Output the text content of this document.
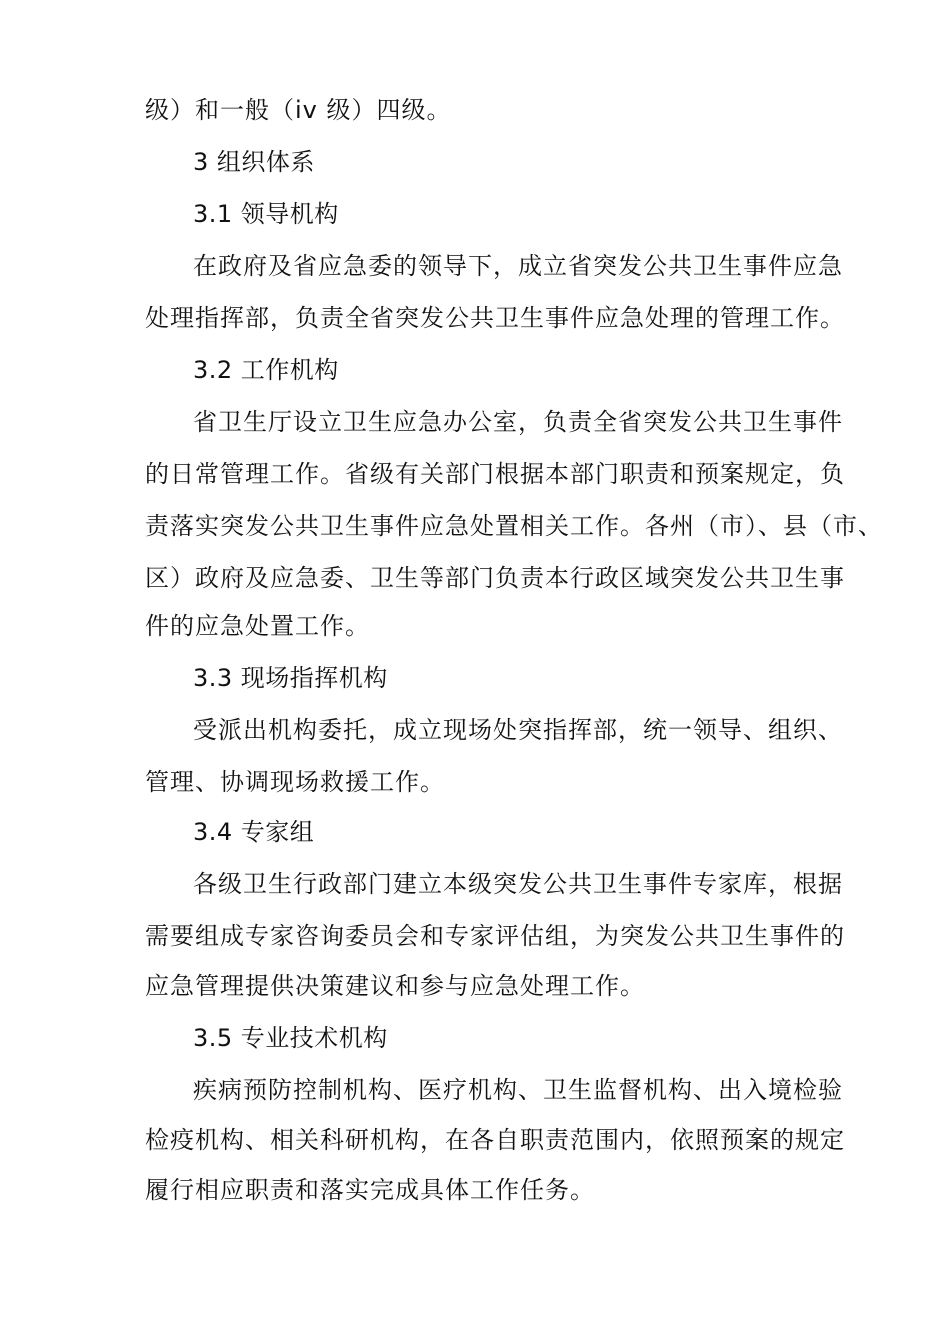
级）和一般（iv 级）四级。
3 组织体系
3.1 领导机构
在政府及省应急委的领导下，成立省突发公共卫生事件应急
处理指挥部，负责全省突发公共卫生事件应急处理的管理工作。
3.2 工作机构
省卫生厅设立卫生应急办公室，负责全省突发公共卫生事件
的日常管理工作。省级有关部门根据本部门职责和预案规定，负
责落实突发公共卫生事件应急处置相关工作。各州（市）、县（市、
区）政府及应急委、卫生等部门负责本行政区域突发公共卫生事
件的应急处置工作。
3.3 现场指挥机构
受派出机构委托，成立现场处突指挥部，统一领导、组织、
管理、协调现场救援工作。
3.4 专家组
各级卫生行政部门建立本级突发公共卫生事件专家库，根据
需要组成专家咨询委员会和专家评估组，为突发公共卫生事件的
应急管理提供决策建议和参与应急处理工作。
3.5 专业技术机构
疾病预防控制机构、医疗机构、卫生监督机构、出入境检验
检疫机构、相关科研机构，在各自职责范围内，依照预案的规定
履行相应职责和落实完成具体工作任务。
